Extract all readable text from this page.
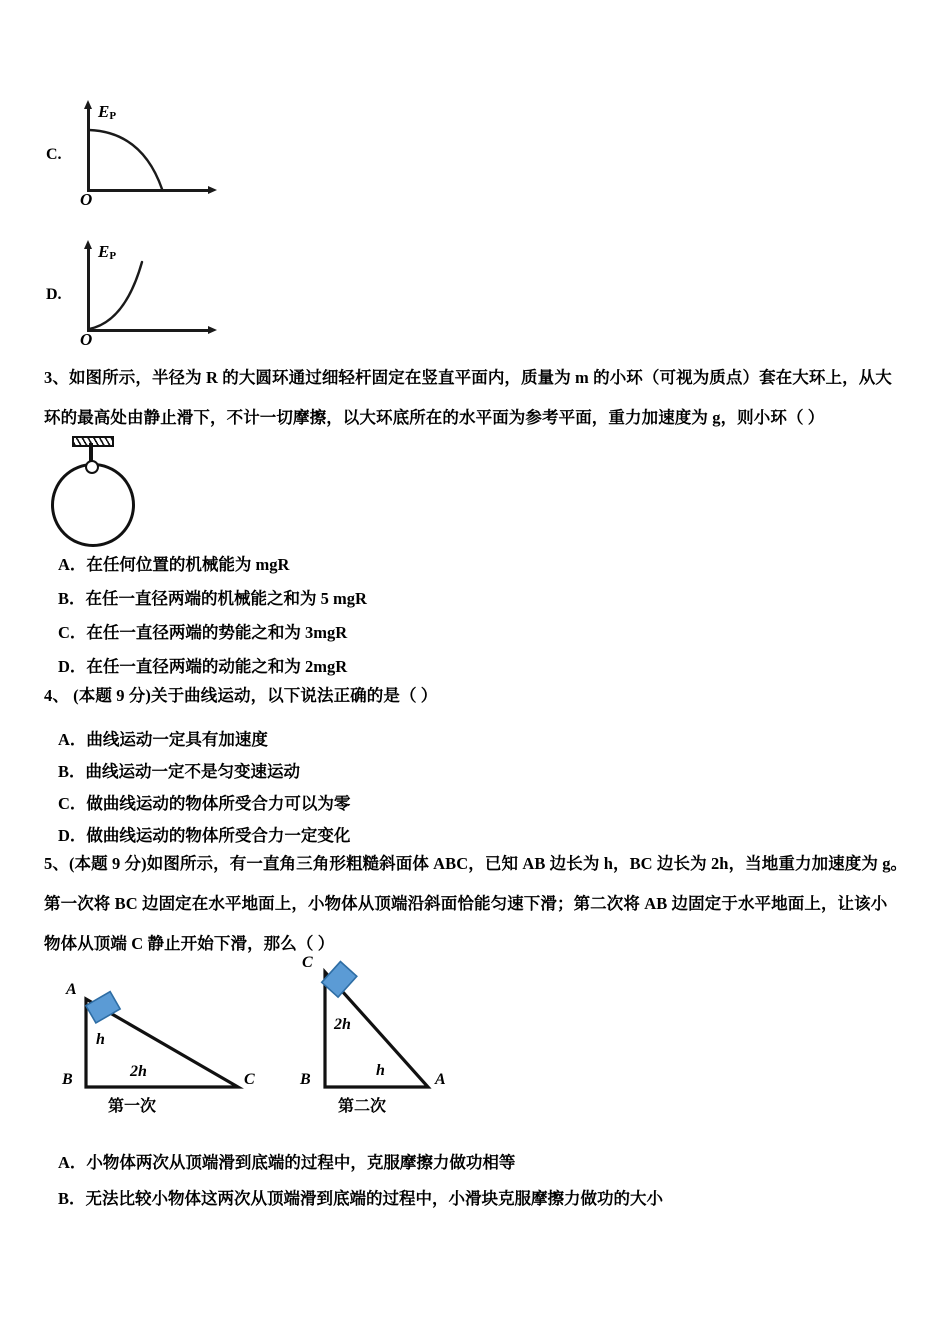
C.
EP
O
D.
EP
O
3、如图所示，半径为 R 的大圆环通过细轻杆固定在竖直平面内，质量为 m 的小环（可视为质点）套在大环上，从大
环的最高处由静止滑下，不计一切摩擦，以大环底所在的水平面为参考平面，重力加速度为 g，则小环（ ）
A．在任何位置的机械能为 mgR
B．在任一直径两端的机械能之和为 5 mgR
C．在任一直径两端的势能之和为 3mgR
D．在任一直径两端的动能之和为 2mgR
4、 (本题 9 分)关于曲线运动，以下说法正确的是（ ）
A．曲线运动一定具有加速度
B．曲线运动一定不是匀变速运动
C．做曲线运动的物体所受合力可以为零
D．做曲线运动的物体所受合力一定变化
5、(本题 9 分)如图所示，有一直角三角形粗糙斜面体 ABC，已知 AB 边长为 h，BC 边长为 2h，当地重力加速度为 g。
第一次将 BC 边固定在水平地面上，小物体从顶端沿斜面恰能匀速下滑；第二次将 AB 边固定于水平地面上，让该小
物体从顶端 C 静止开始下滑，那么（ ）
A
B	C
h
2h
第一次
C
B	A
2h
h
第二次
A．小物体两次从顶端滑到底端的过程中，克服摩擦力做功相等
B．无法比较小物体这两次从顶端滑到底端的过程中，小滑块克服摩擦力做功的大小
